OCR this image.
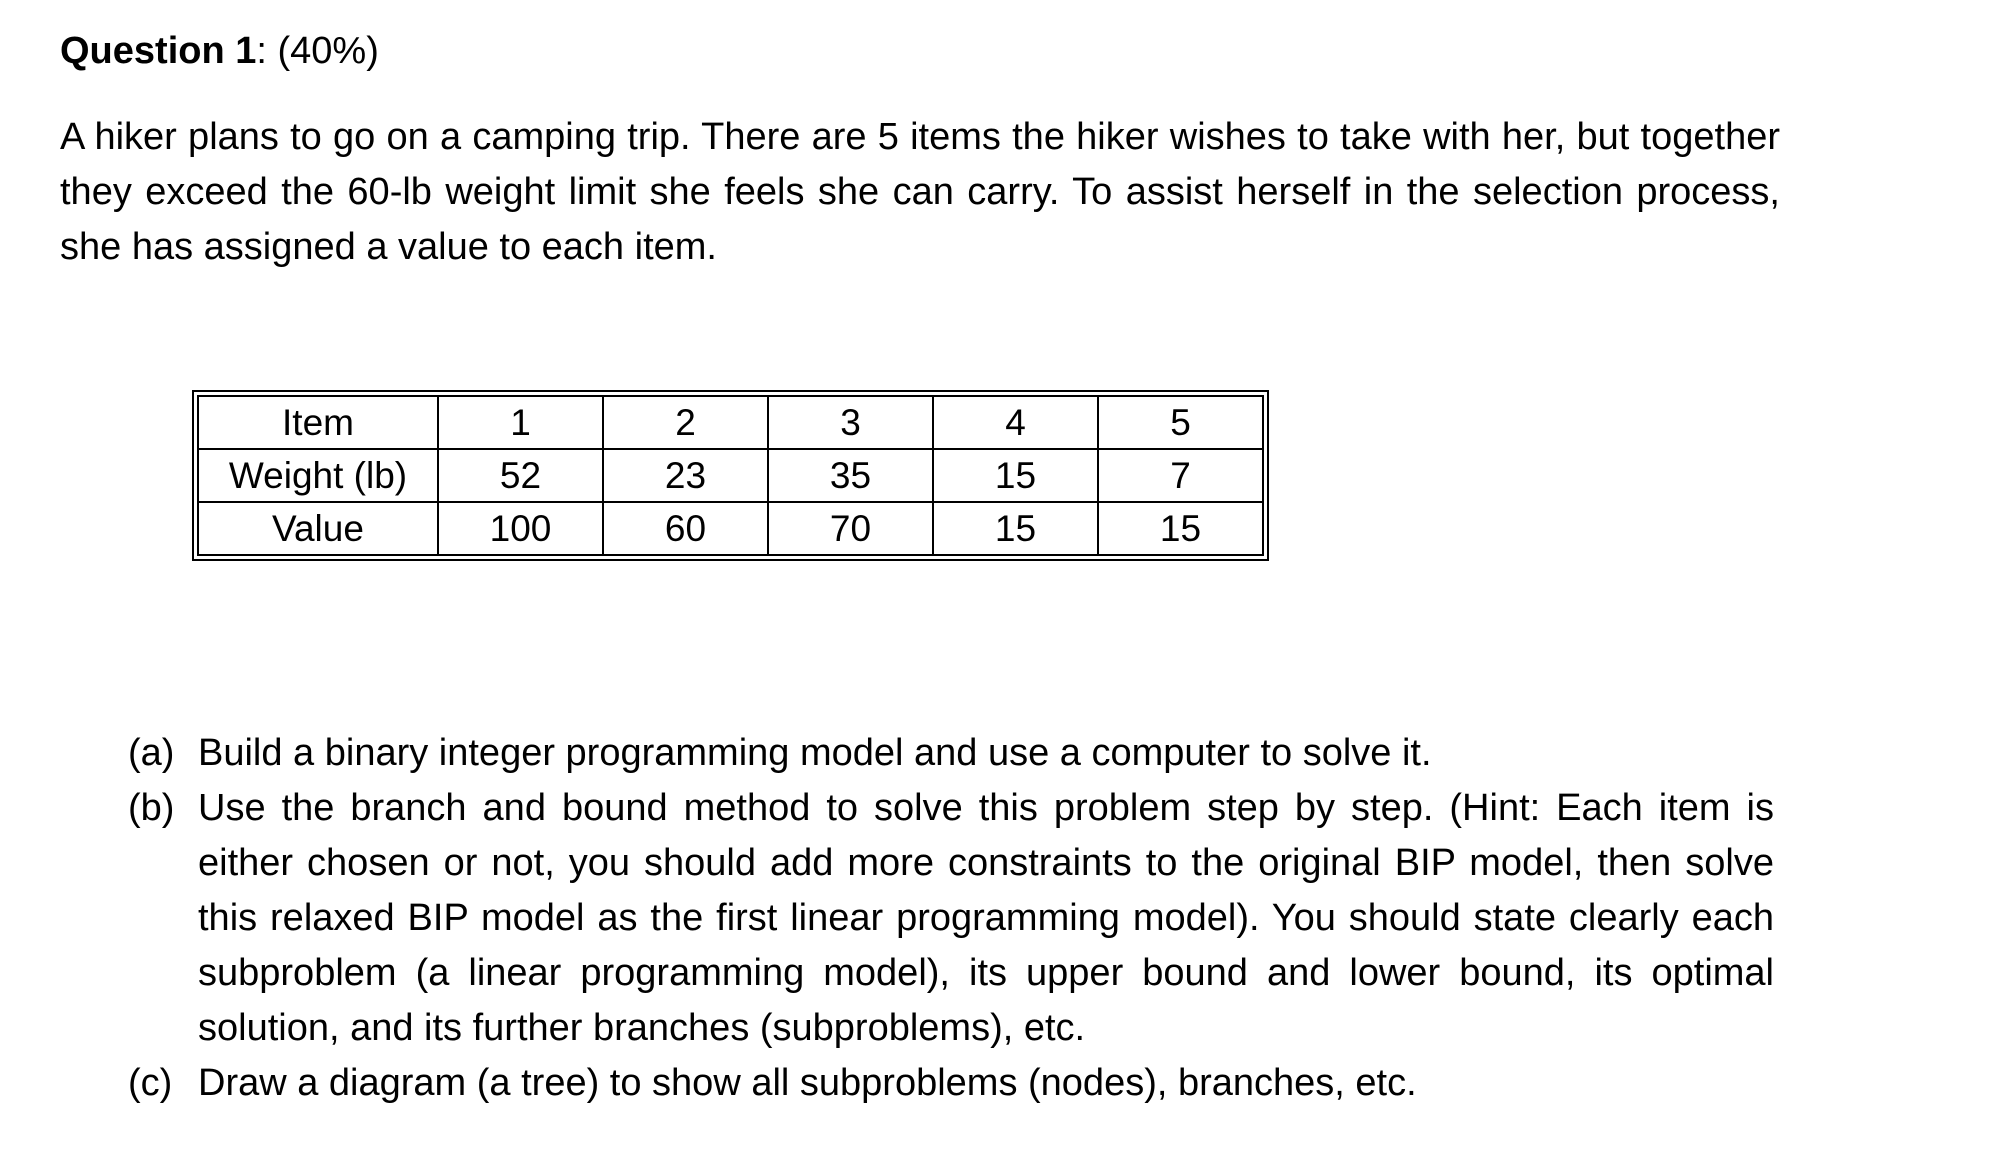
Question 1: (40%)
A hiker plans to go on a camping trip. There are 5 items the hiker wishes to take with her, but together they exceed the 60-lb weight limit she feels she can carry. To assist herself in the selection process, she has assigned a value to each item.
Item	1	2	3	4	5
Weight (lb)	52	23	35	15	7
Value	100	60	70	15	15
(a) Build a binary integer programming model and use a computer to solve it.
(b) Use the branch and bound method to solve this problem step by step. (Hint: Each item is either chosen or not, you should add more constraints to the original BIP model, then solve this relaxed BIP model as the first linear programming model). You should state clearly each subproblem (a linear programming model), its upper bound and lower bound, its optimal solution, and its further branches (subproblems), etc.
(c) Draw a diagram (a tree) to show all subproblems (nodes), branches, etc.
